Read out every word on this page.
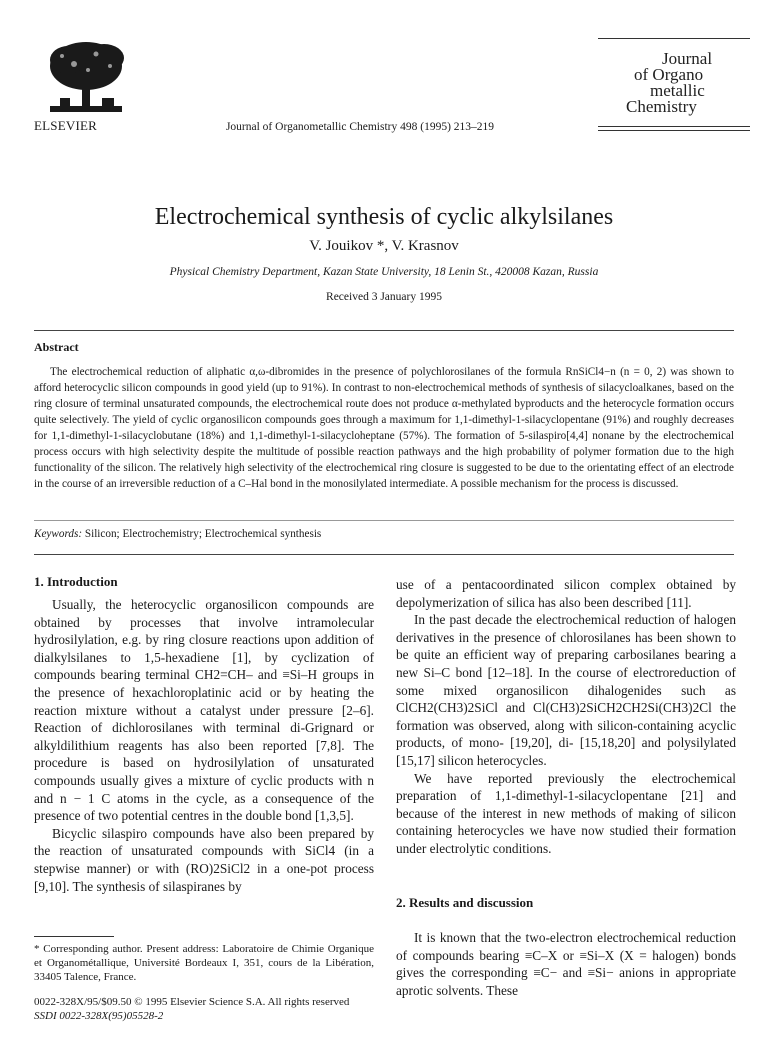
ELSEVIER	Journal of Organometallic Chemistry 498 (1995) 213–219
Journal
of Organo
metallic
Chemistry
Electrochemical synthesis of cyclic alkylsilanes
V. Jouikov *, V. Krasnov
Physical Chemistry Department, Kazan State University, 18 Lenin St., 420008 Kazan, Russia
Received 3 January 1995
Abstract
The electrochemical reduction of aliphatic α,ω-dibromides in the presence of polychlorosilanes of the formula RnSiCl4−n (n = 0, 2) was shown to afford heterocyclic silicon compounds in good yield (up to 91%). In contrast to non-electrochemical methods of synthesis of silacycloalkanes, based on the ring closure of terminal unsaturated compounds, the electrochemical route does not produce α-methylated byproducts and the heterocycle formation occurs quite selectively. The yield of cyclic organosilicon compounds goes through a maximum for 1,1-dimethyl-1-silacyclopentane (91%) and roughly decreases for 1,1-dimethyl-1-silacyclobutane (18%) and 1,1-dimethyl-1-silacycloheptane (57%). The formation of 5-silaspiro[4,4] nonane by the electrochemical process occurs with high selectivity despite the multitude of possible reaction pathways and the high probability of polymer formation due to the high functionality of the silicon. The relatively high selectivity of the electrochemical ring closure is suggested to be due to the orientating effect of an electrode in the course of an irreversible reduction of a C–Hal bond in the monosilylated intermediate. A possible mechanism for the process is discussed.
Keywords: Silicon; Electrochemistry; Electrochemical synthesis
1. Introduction

Usually, the heterocyclic organosilicon compounds are obtained by processes that involve intramolecular hydrosilylation, e.g. by ring closure reactions upon addition of dialkylsilanes to 1,5-hexadiene [1], by cyclization of compounds bearing terminal CH2=CH– and ≡Si–H groups in the presence of hexachloroplatinic acid or by heating the reaction mixture without a catalyst under pressure [2–6]. Reaction of dichlorosilanes with terminal di-Grignard or alkyldilithium reagents has also been reported [7,8]. The procedure is based on hydrosilylation of unsaturated compounds usually gives a mixture of cyclic products with n and n − 1 C atoms in the cycle, as a consequence of the presence of two potential centres in the double bond [1,3,5].

Bicyclic silaspiro compounds have also been prepared by the reaction of unsaturated compounds with SiCl4 (in a stepwise manner) or with (RO)2SiCl2 in a one-pot process [9,10]. The synthesis of silaspiranes by

use of a pentacoordinated silicon complex obtained by depolymerization of silica has also been described [11].

In the past decade the electrochemical reduction of halogen derivatives in the presence of chlorosilanes has been shown to be quite an efficient way of preparing carbosilanes bearing a new Si–C bond [12–18]. In the course of electroreduction of some mixed organosilicon dihalogenides such as ClCH2(CH3)2SiCl and Cl(CH3)2SiCH2CH2Si(CH3)2Cl the formation was observed, along with silicon-containing acyclic products, of mono- [19,20], di- [15,18,20] and polysilylated [15,17] silicon heterocycles.

We have reported previously the electrochemical preparation of 1,1-dimethyl-1-silacyclopentane [21] and because of the interest in new methods of making of silicon containing heterocycles we have now studied their formation under electrolytic conditions.

2. Results and discussion

It is known that the two-electron electrochemical reduction of compounds bearing ≡C–X or ≡Si–X (X = halogen) bonds gives the corresponding ≡C− and ≡Si− anions in appropriate aprotic solvents. These

* Corresponding author. Present address: Laboratoire de Chimie Organique et Organométallique, Université Bordeaux I, 351, cours de la Libération, 33405 Talence, France.
0022-328X/95/$09.50 © 1995 Elsevier Science S.A. All rights reserved
SSDI 0022-328X(95)05528-2
